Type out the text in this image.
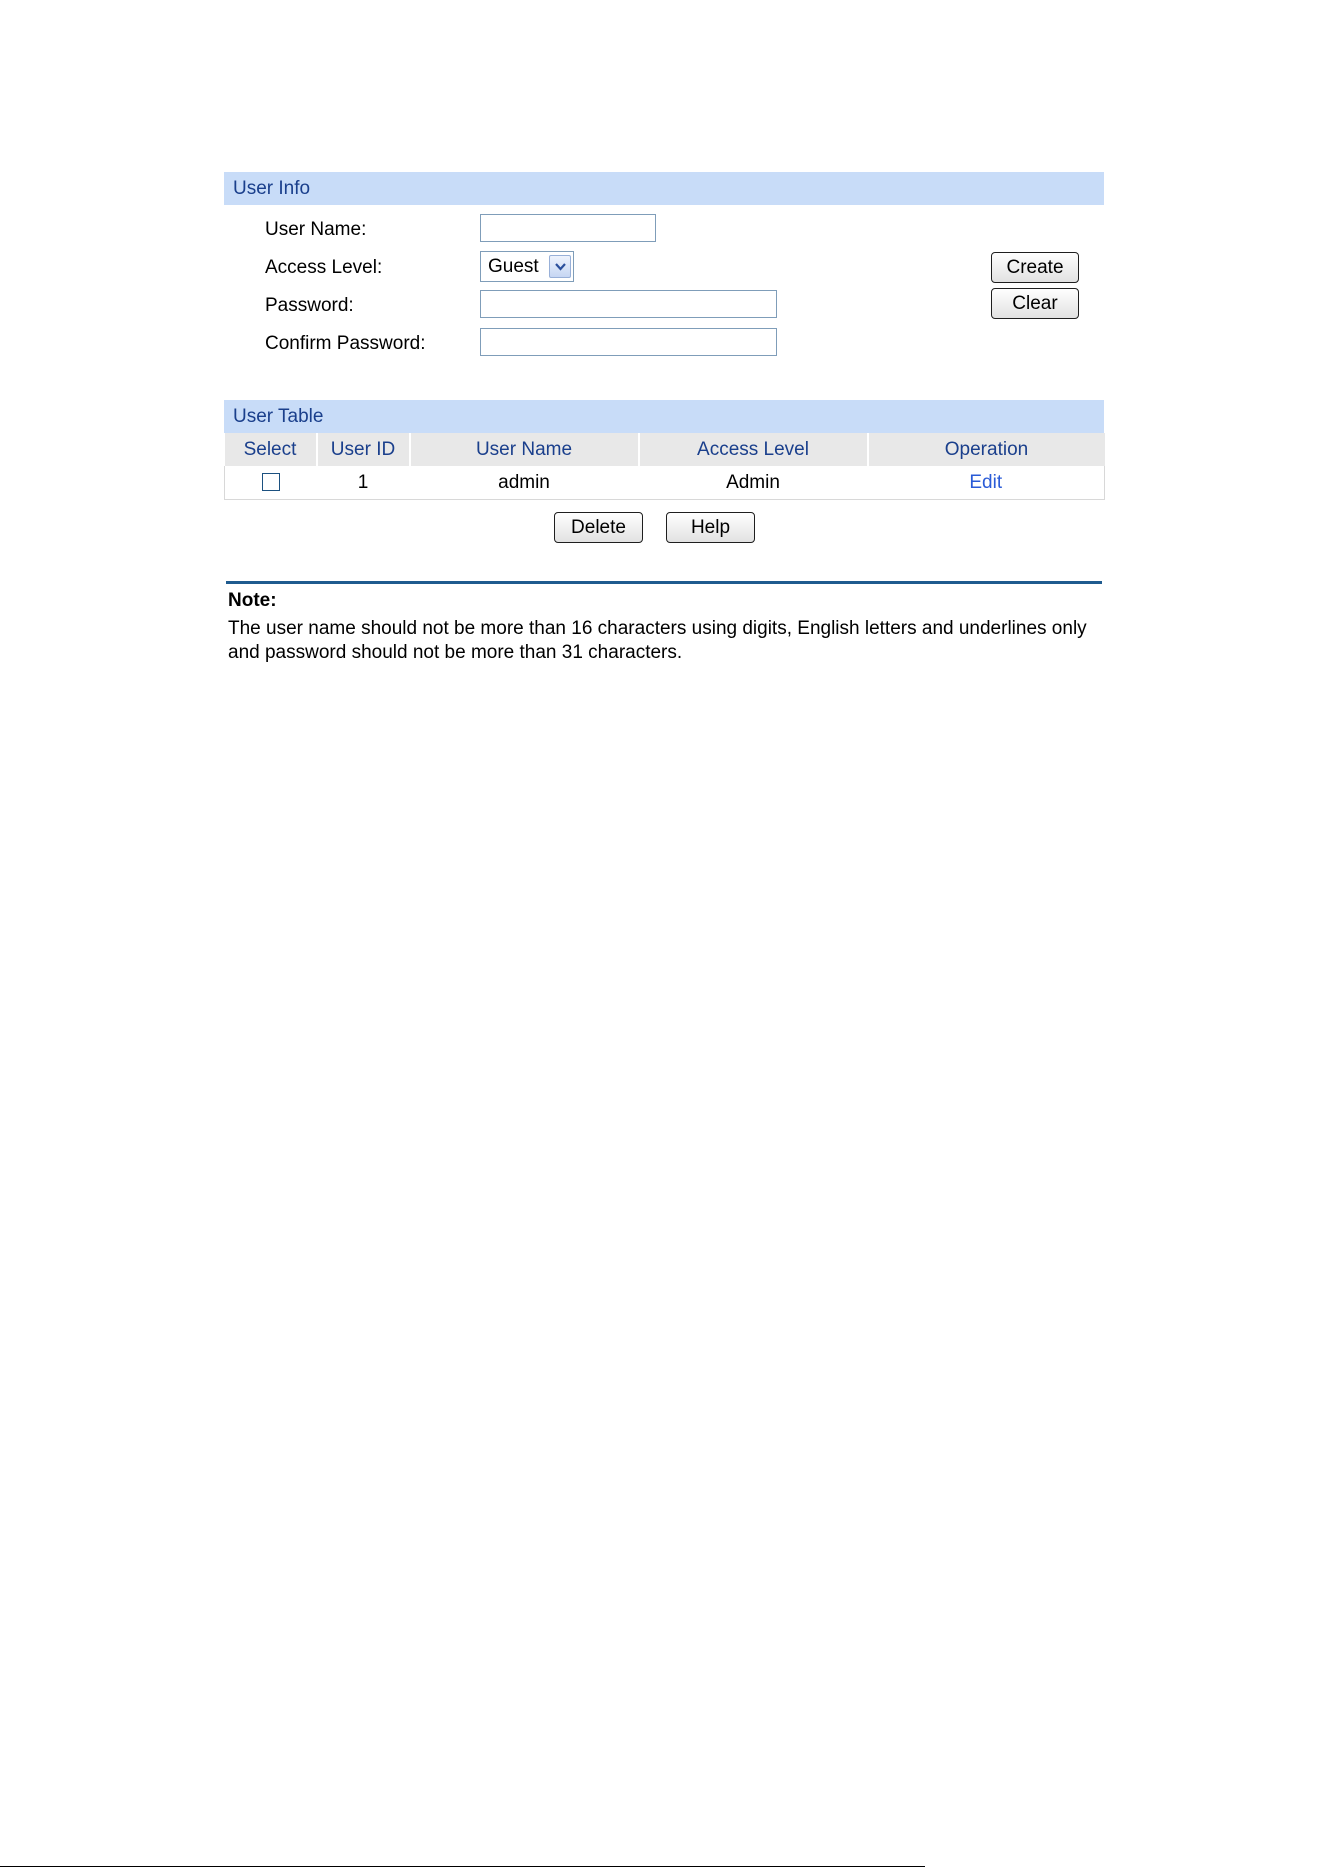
User Info
User Name:
Access Level:	Guest
Password:
Confirm Password:
Create
Clear
User Table
Select	User ID	User Name	Access Level	Operation
	1	admin	Admin	Edit
Delete	Help
Note:
The user name should not be more than 16 characters using digits, English letters and underlines only and password should not be more than 31 characters.
